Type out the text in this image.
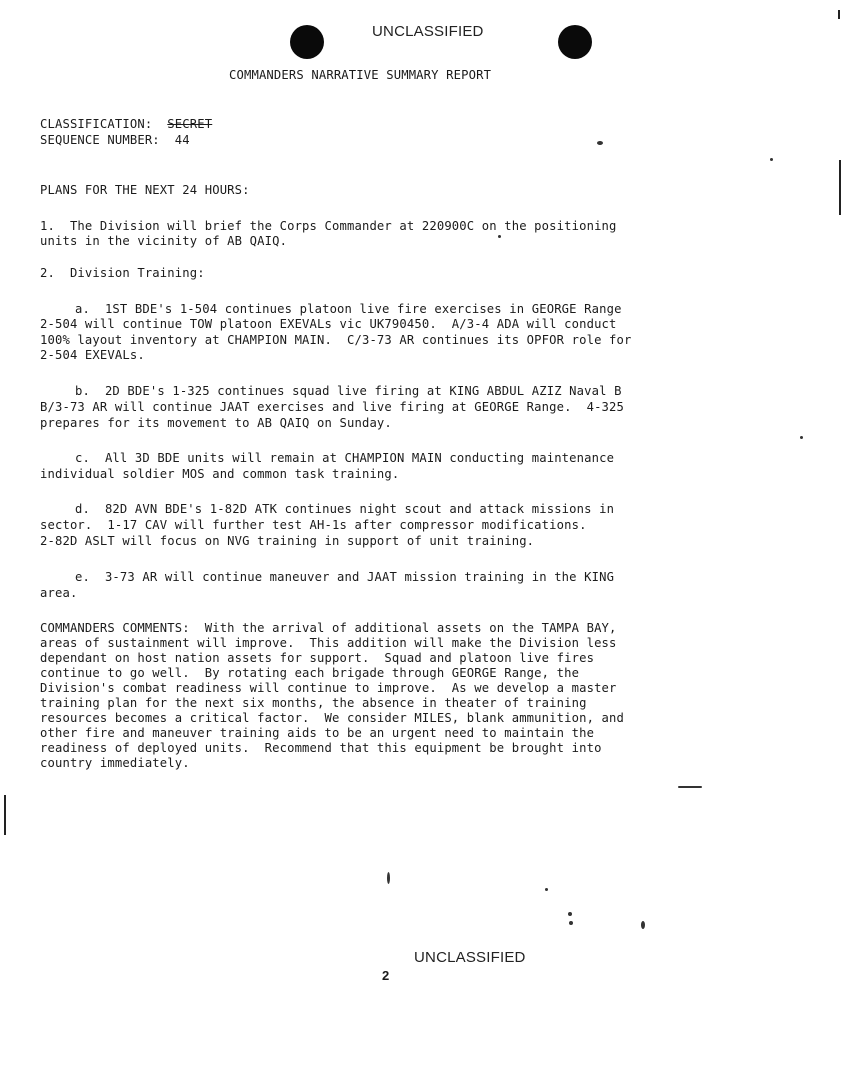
UNCLASSIFIED
COMMANDERS NARRATIVE SUMMARY REPORT
CLASSIFICATION: SECRET
SEQUENCE NUMBER: 44
PLANS FOR THE NEXT 24 HOURS:
1.  The Division will brief the Corps Commander at 220900C on the positioning
units in the vicinity of AB QAIQ.
2.  Division Training:
a.  1ST BDE's 1-504 continues platoon live fire exercises in GEORGE Range
2-504 will continue TOW platoon EXEVALs vic UK790450.  A/3-4 ADA will conduct
100% layout inventory at CHAMPION MAIN.  C/3-73 AR continues its OPFOR role for
2-504 EXEVALs.
b.  2D BDE's 1-325 continues squad live firing at KING ABDUL AZIZ Naval B
B/3-73 AR will continue JAAT exercises and live firing at GEORGE Range.  4-325
prepares for its movement to AB QAIQ on Sunday.
c.  All 3D BDE units will remain at CHAMPION MAIN conducting maintenance
individual soldier MOS and common task training.
d.  82D AVN BDE's 1-82D ATK continues night scout and attack missions in
sector.  1-17 CAV will further test AH-1s after compressor modifications.
2-82D ASLT will focus on NVG training in support of unit training.
e.  3-73 AR will continue maneuver and JAAT mission training in the KING
area.
COMMANDERS COMMENTS:  With the arrival of additional assets on the TAMPA BAY,
areas of sustainment will improve.  This addition will make the Division less
dependant on host nation assets for support.  Squad and platoon live fires
continue to go well.  By rotating each brigade through GEORGE Range, the
Division's combat readiness will continue to improve.  As we develop a master
training plan for the next six months, the absence in theater of training
resources becomes a critical factor.  We consider MILES, blank ammunition, and
other fire and maneuver training aids to be an urgent need to maintain the
readiness of deployed units.  Recommend that this equipment be brought into
country immediately.
UNCLASSIFIED
2
